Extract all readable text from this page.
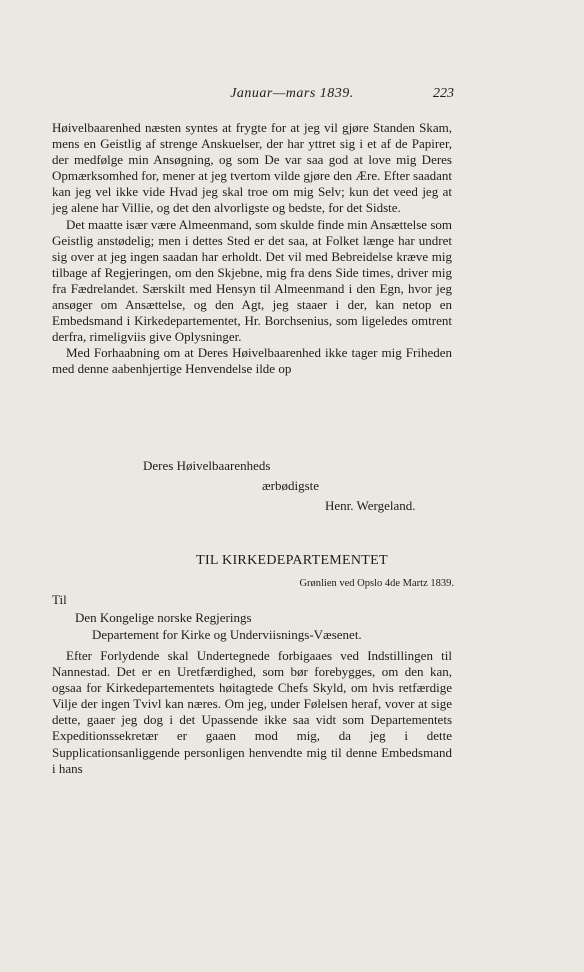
Januar—mars 1839.	223

Høivelbaarenhed næsten syntes at frygte for at jeg vil gjøre Standen Skam, mens en Geistlig af strenge Anskuelser, der har yttret sig i et af de Papirer, der medfølge min Ansøgning, og som De var saa god at love mig Deres Opmærksomhed for, mener at jeg tvertom vilde gjøre den Ære. Efter saadant kan jeg vel ikke vide Hvad jeg skal troe om mig Selv; kun det veed jeg at jeg alene har Villie, og det den alvorligste og bedste, for det Sidste.

Det maatte især være Almeenmand, som skulde finde min Ansættelse som Geistlig anstødelig; men i dettes Sted er det saa, at Folket længe har undret sig over at jeg ingen saadan har erholdt. Det vil med Bebreidelse kræve mig tilbage af Regjeringen, om den Skjebne, mig fra dens Side times, driver mig fra Fædrelandet. Særskilt med Hensyn til Almeenmand i den Egn, hvor jeg ansøger om Ansættelse, og den Agt, jeg staaer i der, kan netop en Embedsmand i Kirkedepartementet, Hr. Borchsenius, som ligeledes omtrent derfra, rimeligviis give Oplysninger.

Med Forhaabning om at Deres Høivelbaarenhed ikke tager mig Friheden med denne aabenhjertige Henvendelse ilde op

Deres Høivelbaarenheds
ærbødigste
Henr. Wergeland.
TIL KIRKEDEPARTEMENTET
Grønlien ved Opslo 4de Martz 1839.
Til
Den Kongelige norske Regjerings
Departement for Kirke og Underviisnings-Væsenet.

Efter Forlydende skal Undertegnede forbigaaes ved Indstillingen til Nannestad. Det er en Uretfærdighed, som bør forebygges, om den kan, ogsaa for Kirkedepartementets høitagtede Chefs Skyld, om hvis retfærdige Vilje der ingen Tvivl kan næres. Om jeg, under Følelsen heraf, vover at sige dette, gaaer jeg dog i det Upassende ikke saa vidt som Departementets Expeditionssekretær er gaaen mod mig, da jeg i dette Supplicationsanliggende personligen henvendte mig til denne Embedsmand i hans
